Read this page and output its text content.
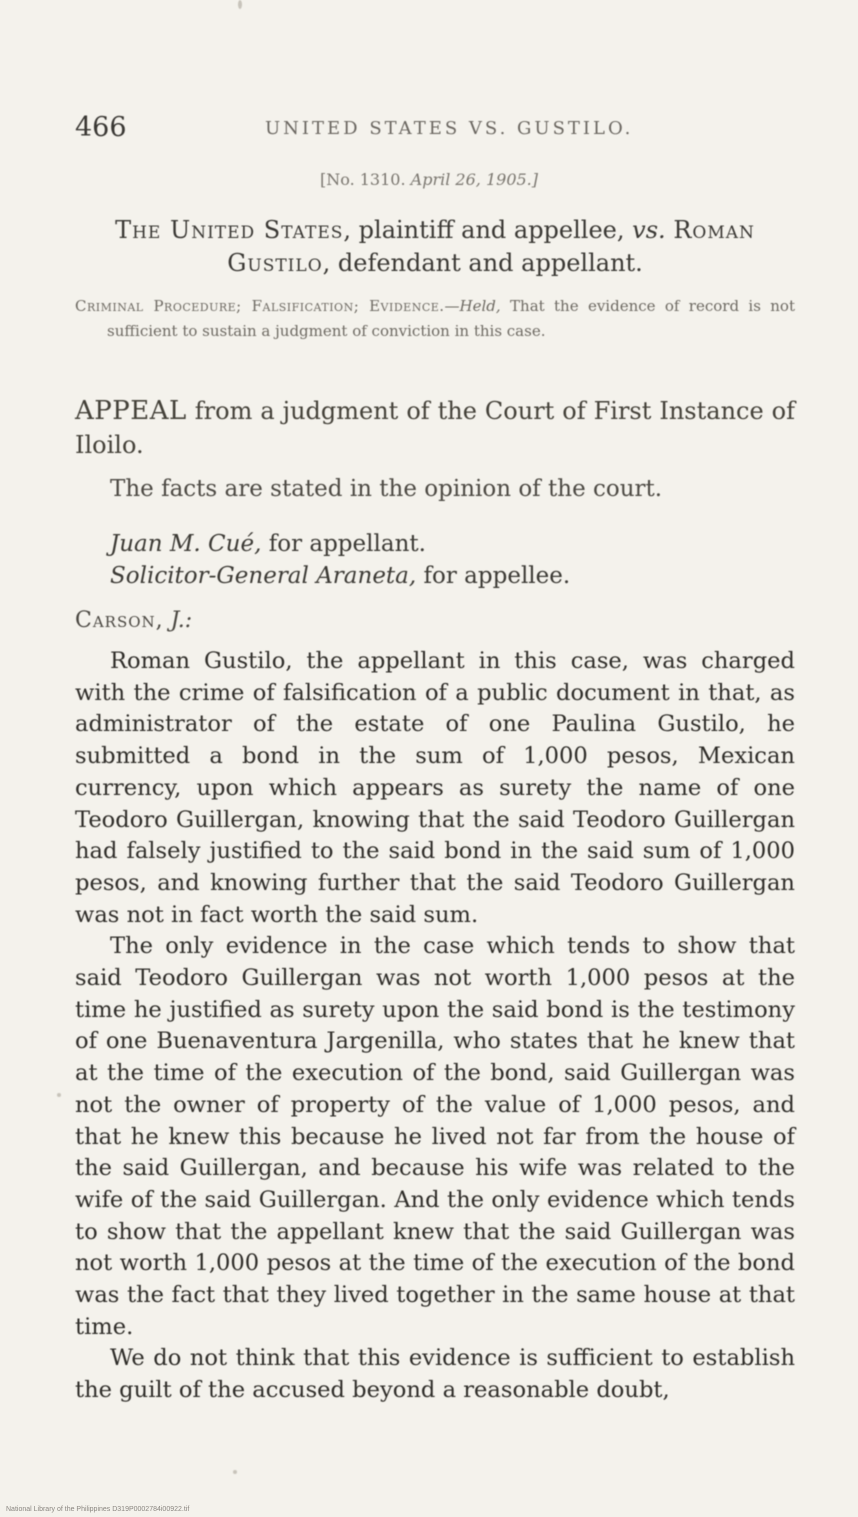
466	UNITED STATES VS. GUSTILO.
[No. 1310. April 26, 1905.]
The United States, plaintiff and appellee, vs. Roman Gustilo, defendant and appellant.
Criminal Procedure; Falsification; Evidence.—Held, That the evidence of record is not sufficient to sustain a judgment of conviction in this case.
APPEAL from a judgment of the Court of First Instance of Iloilo.
The facts are stated in the opinion of the court.
Juan M. Cué, for appellant.
Solicitor-General Araneta, for appellee.
Carson, J.:

Roman Gustilo, the appellant in this case, was charged with the crime of falsification of a public document in that, as administrator of the estate of one Paulina Gustilo, he submitted a bond in the sum of 1,000 pesos, Mexican currency, upon which appears as surety the name of one Teodoro Guillergan, knowing that the said Teodoro Guillergan had falsely justified to the said bond in the said sum of 1,000 pesos, and knowing further that the said Teodoro Guillergan was not in fact worth the said sum.

The only evidence in the case which tends to show that said Teodoro Guillergan was not worth 1,000 pesos at the time he justified as surety upon the said bond is the testimony of one Buenaventura Jargenilla, who states that he knew that at the time of the execution of the bond, said Guillergan was not the owner of property of the value of 1,000 pesos, and that he knew this because he lived not far from the house of the said Guillergan, and because his wife was related to the wife of the said Guillergan. And the only evidence which tends to show that the appellant knew that the said Guillergan was not worth 1,000 pesos at the time of the execution of the bond was the fact that they lived together in the same house at that time.

We do not think that this evidence is sufficient to establish the guilt of the accused beyond a reasonable doubt,

National Library of the Philippines D319P0002784i00922.tif
